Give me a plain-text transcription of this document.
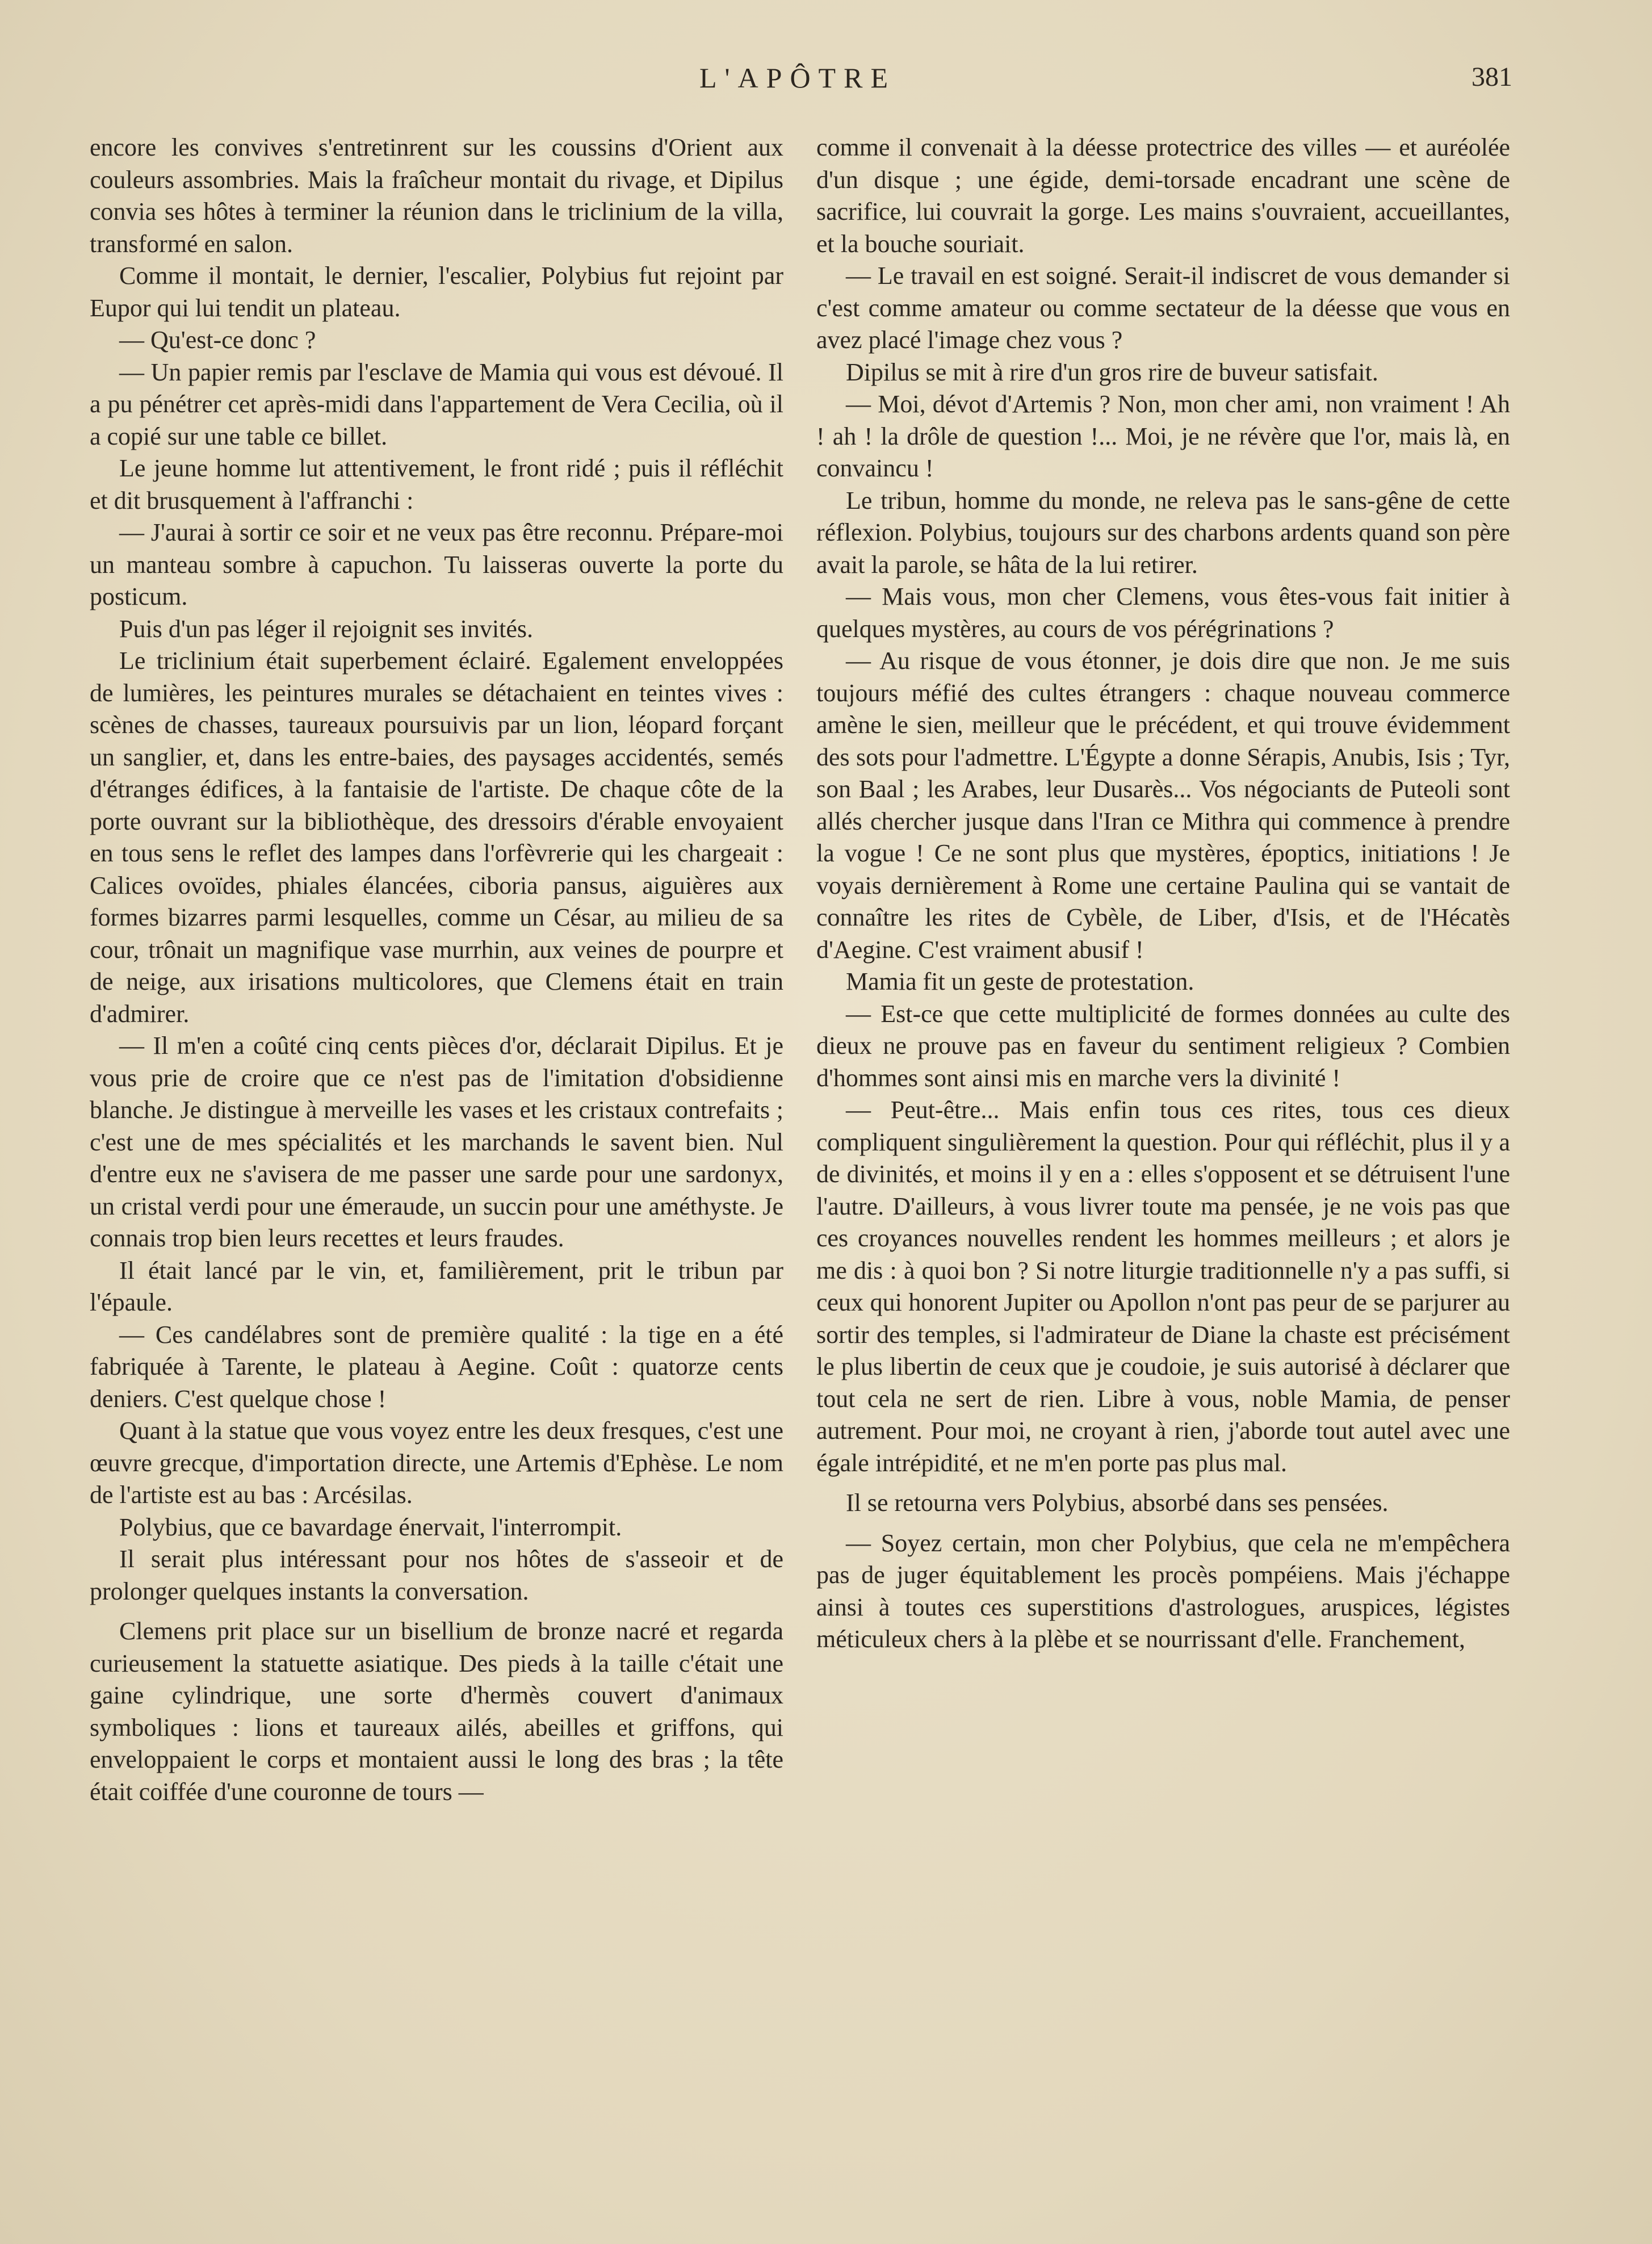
L'APÔTRE	381

encore les convives s'entretinrent sur les coussins d'Orient aux couleurs assombries. Mais la fraîcheur montait du rivage, et Dipilus convia ses hôtes à terminer la réunion dans le triclinium de la villa, transformé en salon.

Comme il montait, le dernier, l'escalier, Polybius fut rejoint par Eupor qui lui tendit un plateau.

— Qu'est-ce donc ?

— Un papier remis par l'esclave de Mamia qui vous est dévoué. Il a pu pénétrer cet après-midi dans l'appartement de Vera Cecilia, où il a copié sur une table ce billet.

Le jeune homme lut attentivement, le front ridé ; puis il réfléchit et dit brusquement à l'affranchi :

— J'aurai à sortir ce soir et ne veux pas être reconnu. Prépare-moi un manteau sombre à capuchon. Tu laisseras ouverte la porte du posticum.

Puis d'un pas léger il rejoignit ses invités.

Le triclinium était superbement éclairé. Egalement enveloppées de lumières, les peintures murales se détachaient en teintes vives : scènes de chasses, taureaux poursuivis par un lion, léopard forçant un sanglier, et, dans les entre-baies, des paysages accidentés, semés d'étranges édifices, à la fantaisie de l'artiste. De chaque côte de la porte ouvrant sur la bibliothèque, des dressoirs d'érable envoyaient en tous sens le reflet des lampes dans l'orfèvrerie qui les chargeait : Calices ovoïdes, phiales élancées, ciboria pansus, aiguières aux formes bizarres parmi lesquelles, comme un César, au milieu de sa cour, trônait un magnifique vase murrhin, aux veines de pourpre et de neige, aux irisations multicolores, que Clemens était en train d'admirer.

— Il m'en a coûté cinq cents pièces d'or, déclarait Dipilus. Et je vous prie de croire que ce n'est pas de l'imitation d'obsidienne blanche. Je distingue à merveille les vases et les cristaux contrefaits ; c'est une de mes spécialités et les marchands le savent bien. Nul d'entre eux ne s'avisera de me passer une sarde pour une sardonyx, un cristal verdi pour une émeraude, un succin pour une améthyste. Je connais trop bien leurs recettes et leurs fraudes.

Il était lancé par le vin, et, familièrement, prit le tribun par l'épaule.

— Ces candélabres sont de première qualité : la tige en a été fabriquée à Tarente, le plateau à Aegine. Coût : quatorze cents deniers. C'est quelque chose !

Quant à la statue que vous voyez entre les deux fresques, c'est une œuvre grecque, d'importation directe, une Artemis d'Ephèse. Le nom de l'artiste est au bas : Arcésilas.

Polybius, que ce bavardage énervait, l'interrompit.

Il serait plus intéressant pour nos hôtes de s'asseoir et de prolonger quelques instants la conversation.

Clemens prit place sur un bisellium de bronze nacré et regarda curieusement la statuette asiatique. Des pieds à la taille c'était une gaine cylindrique, une sorte d'hermès couvert d'animaux symboliques : lions et taureaux ailés, abeilles et griffons, qui enveloppaient le corps et montaient aussi le long des bras ; la tête était coiffée d'une couronne de tours —

comme il convenait à la déesse protectrice des villes — et auréolée d'un disque ; une égide, demi-torsade encadrant une scène de sacrifice, lui couvrait la gorge. Les mains s'ouvraient, accueillantes, et la bouche souriait.

— Le travail en est soigné. Serait-il indiscret de vous demander si c'est comme amateur ou comme sectateur de la déesse que vous en avez placé l'image chez vous ?

Dipilus se mit à rire d'un gros rire de buveur satisfait.

— Moi, dévot d'Artemis ? Non, mon cher ami, non vraiment ! Ah ! ah ! la drôle de question !... Moi, je ne révère que l'or, mais là, en convaincu !

Le tribun, homme du monde, ne releva pas le sans-gêne de cette réflexion. Polybius, toujours sur des charbons ardents quand son père avait la parole, se hâta de la lui retirer.

— Mais vous, mon cher Clemens, vous êtes-vous fait initier à quelques mystères, au cours de vos pérégrinations ?

— Au risque de vous étonner, je dois dire que non. Je me suis toujours méfié des cultes étrangers : chaque nouveau commerce amène le sien, meilleur que le précédent, et qui trouve évidemment des sots pour l'admettre. L'Égypte a donne Sérapis, Anubis, Isis ; Tyr, son Baal ; les Arabes, leur Dusarès... Vos négociants de Puteoli sont allés chercher jusque dans l'Iran ce Mithra qui commence à prendre la vogue ! Ce ne sont plus que mystères, époptics, initiations ! Je voyais dernièrement à Rome une certaine Paulina qui se vantait de connaître les rites de Cybèle, de Liber, d'Isis, et de l'Hécatès d'Aegine. C'est vraiment abusif !

Mamia fit un geste de protestation.

— Est-ce que cette multiplicité de formes données au culte des dieux ne prouve pas en faveur du sentiment religieux ? Combien d'hommes sont ainsi mis en marche vers la divinité !

— Peut-être... Mais enfin tous ces rites, tous ces dieux compliquent singulièrement la question. Pour qui réfléchit, plus il y a de divinités, et moins il y en a : elles s'opposent et se détruisent l'une l'autre. D'ailleurs, à vous livrer toute ma pensée, je ne vois pas que ces croyances nouvelles rendent les hommes meilleurs ; et alors je me dis : à quoi bon ? Si notre liturgie traditionnelle n'y a pas suffi, si ceux qui honorent Jupiter ou Apollon n'ont pas peur de se parjurer au sortir des temples, si l'admirateur de Diane la chaste est précisément le plus libertin de ceux que je coudoie, je suis autorisé à déclarer que tout cela ne sert de rien. Libre à vous, noble Mamia, de penser autrement. Pour moi, ne croyant à rien, j'aborde tout autel avec une égale intrépidité, et ne m'en porte pas plus mal.

Il se retourna vers Polybius, absorbé dans ses pensées.

— Soyez certain, mon cher Polybius, que cela ne m'empêchera pas de juger équitablement les procès pompéiens. Mais j'échappe ainsi à toutes ces superstitions d'astrologues, aruspices, légistes méticuleux chers à la plèbe et se nourrissant d'elle. Franchement,
